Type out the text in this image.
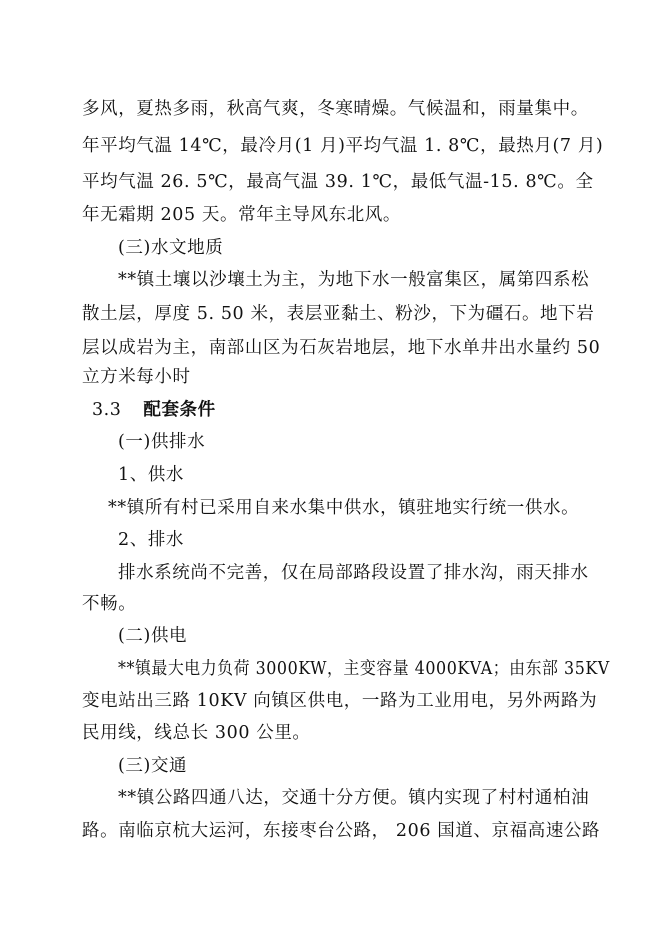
多风，夏热多雨，秋高气爽，冬寒晴燥。气候温和，雨量集中。
年平均气温 14℃，最冷月(1 月)平均气温 1. 8℃，最热月(7 月)
平均气温 26. 5℃，最高气温 39. 1℃，最低气温-15. 8℃。全
年无霜期 205 天。常年主导风东北风。
(三)水文地质
**镇土壤以沙壤土为主，为地下水一般富集区，属第四系松
散土层，厚度 5. 50 米，表层亚黏土、粉沙，下为礓石。地下岩
层以成岩为主，南部山区为石灰岩地层，地下水单井出水量约 50
立方米每小时
3.3 配套条件
(一)供排水
1、供水
**镇所有村已采用自来水集中供水，镇驻地实行统一供水。
2、排水
排水系统尚不完善，仅在局部路段设置了排水沟，雨天排水
不畅。
(二)供电
**镇最大电力负荷 3000KW，主变容量 4000KVA；由东部 35KV
变电站出三路 10KV 向镇区供电，一路为工业用电，另外两路为
民用线，线总长 300 公里。
(三)交通
**镇公路四通八达，交通十分方便。镇内实现了村村通柏油
路。南临京杭大运河，东接枣台公路， 206 国道、京福高速公路
